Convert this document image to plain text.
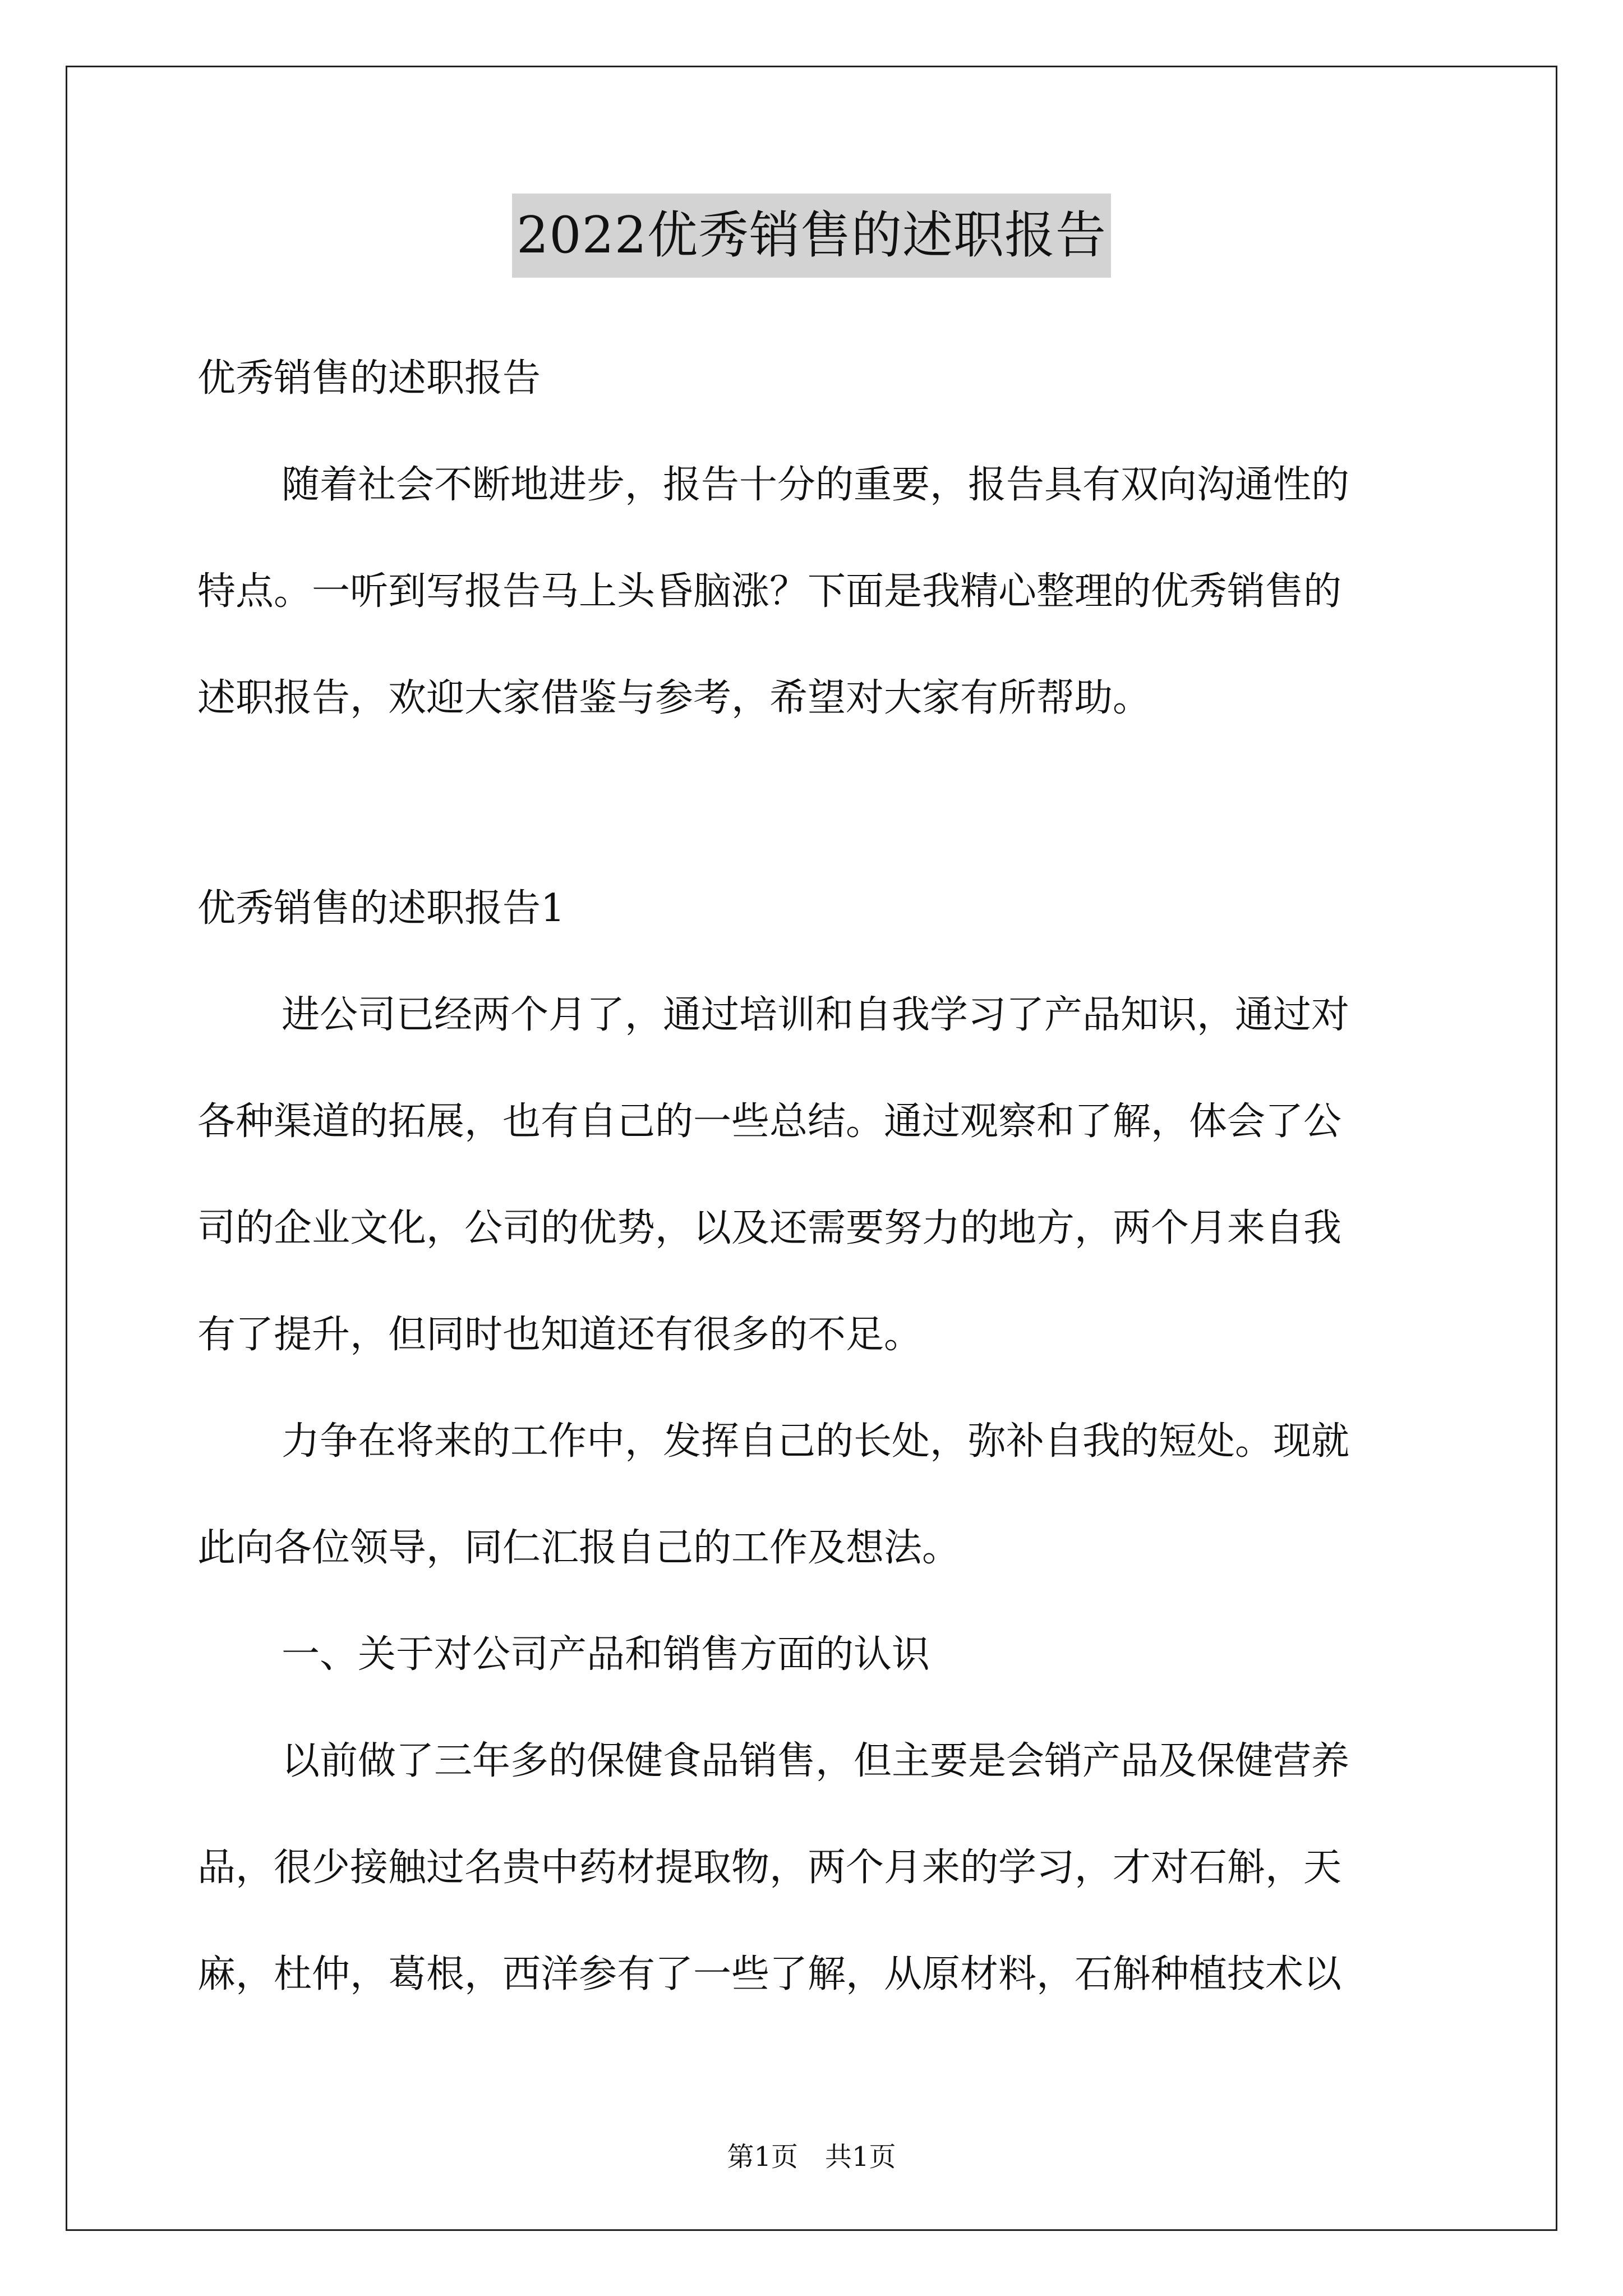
2022优秀销售的述职报告
优秀销售的述职报告
随着社会不断地进步，报告十分的重要，报告具有双向沟通性的
特点。一听到写报告马上头昏脑涨？下面是我精心整理的优秀销售的
述职报告，欢迎大家借鉴与参考，希望对大家有所帮助。
优秀销售的述职报告1
进公司已经两个月了，通过培训和自我学习了产品知识，通过对
各种渠道的拓展，也有自己的一些总结。通过观察和了解，体会了公
司的企业文化，公司的优势，以及还需要努力的地方，两个月来自我
有了提升，但同时也知道还有很多的不足。
力争在将来的工作中，发挥自己的长处，弥补自我的短处。现就
此向各位领导，同仁汇报自己的工作及想法。
一、关于对公司产品和销售方面的认识
以前做了三年多的保健食品销售，但主要是会销产品及保健营养
品，很少接触过名贵中药材提取物，两个月来的学习，才对石斛，天
麻，杜仲，葛根，西洋参有了一些了解，从原材料，石斛种植技术以
第1页 共1页
